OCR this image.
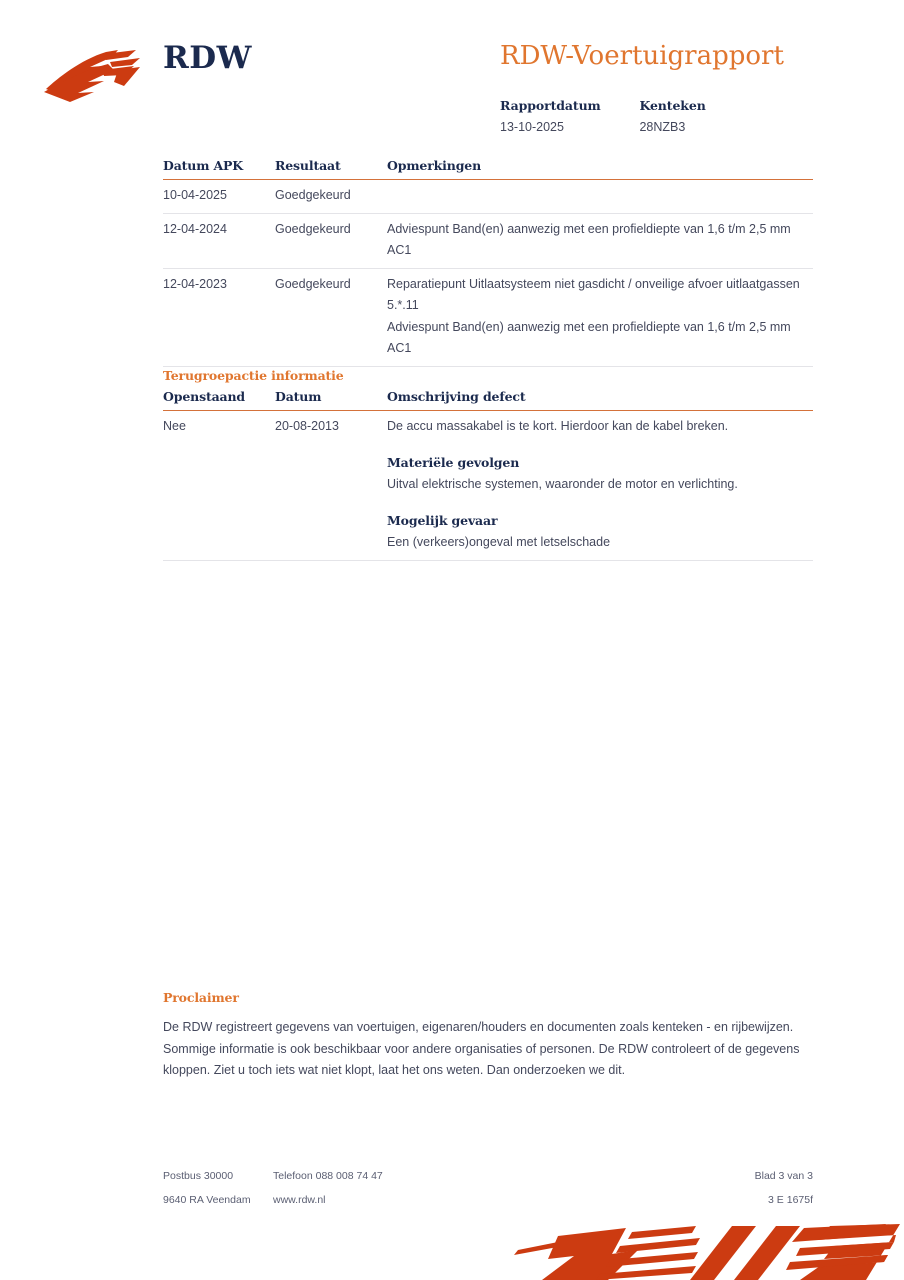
RDW	RDW-Voertuigrapport
Rapportdatum
13-10-2025

Kenteken
28NZB3
Datum APK	Resultaat	Opmerkingen
10-04-2025	Goedgekeurd	
12-04-2024	Goedgekeurd	Adviespunt Band(en) aanwezig met een profieldiepte van 1,6 t/m 2,5 mm AC1
12-04-2023	Goedgekeurd	Reparatiepunt Uitlaatsysteem niet gasdicht / onveilige afvoer uitlaatgassen 5.*.11
Adviespunt Band(en) aanwezig met een profieldiepte van 1,6 t/m 2,5 mm AC1
Terugroepactie informatie
Openstaand	Datum	Omschrijving defect
Nee	20-08-2013	De accu massakabel is te kort. Hierdoor kan de kabel breken.
Materiële gevolgen
Uitval elektrische systemen, waaronder de motor en verlichting.
Mogelijk gevaar
Een (verkeers)ongeval met letselschade
Proclaimer

De RDW registreert gegevens van voertuigen, eigenaren/houders en documenten zoals kenteken - en rijbewijzen. Sommige informatie is ook beschikbaar voor andere organisaties of personen. De RDW controleert of de gegevens kloppen. Ziet u toch iets wat niet klopt, laat het ons weten. Dan onderzoeken we dit.

Postbus 30000	Telefoon 088 008 74 47	Blad 3 van 3
9640 RA Veendam www.rdw.nl	3 E 1675f
